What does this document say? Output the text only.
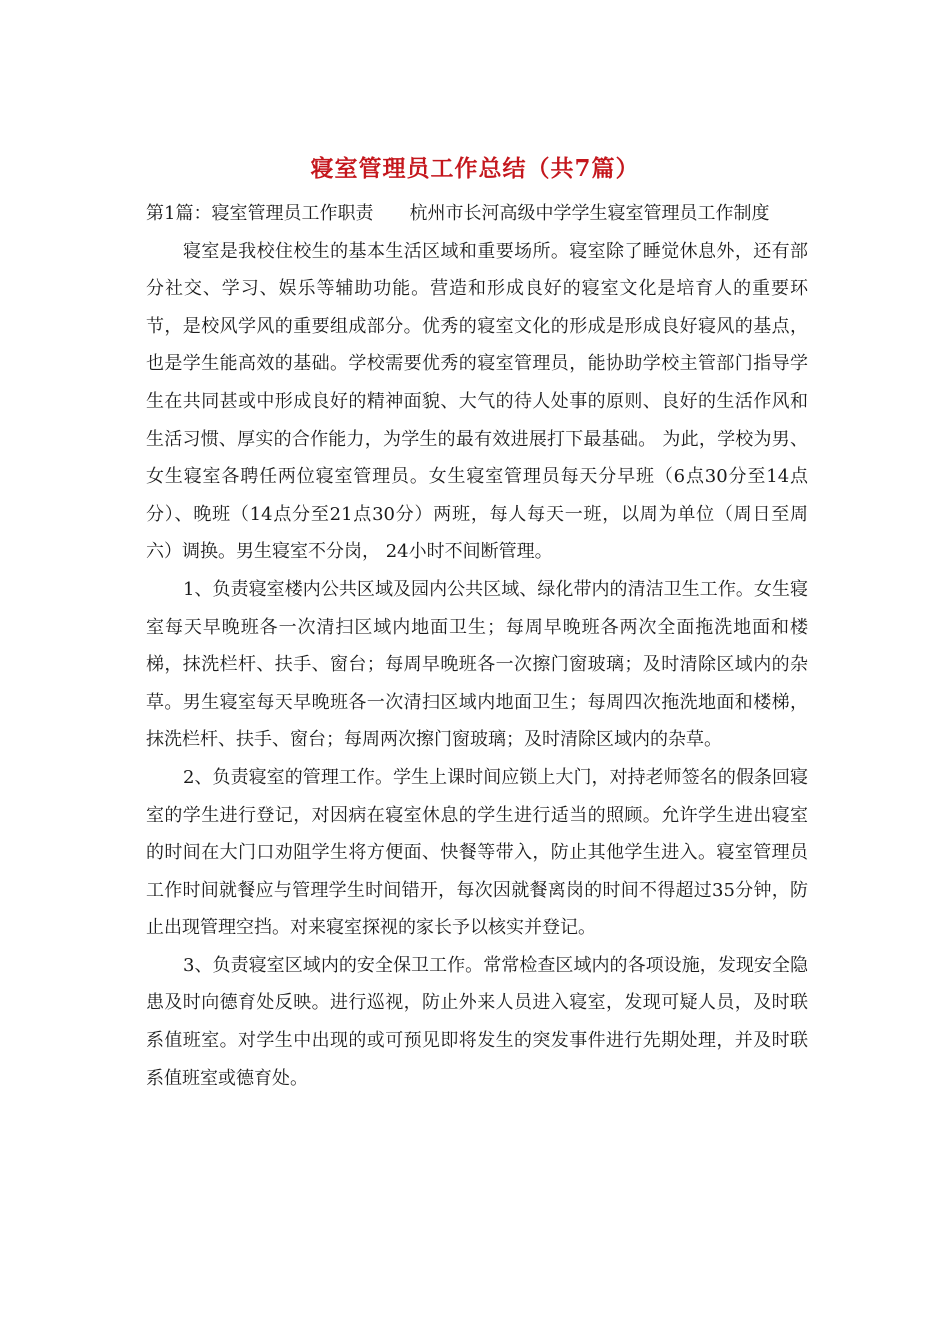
寝室管理员工作总结（共7篇）

第1篇：寝室管理员工作职责 杭州市长河高级中学学生寝室管理员工作制度

寝室是我校住校生的基本生活区域和重要场所。寝室除了睡觉休息外，还有部分社交、学习、娱乐等辅助功能。营造和形成良好的寝室文化是培育人的重要环节，是校风学风的重要组成部分。优秀的寝室文化的形成是形成良好寝风的基点，也是学生能高效的基础。学校需要优秀的寝室管理员，能协助学校主管部门指导学生在共同甚或中形成良好的精神面貌、大气的待人处事的原则、良好的生活作风和生活习惯、厚实的合作能力，为学生的最有效进展打下最基础。 为此，学校为男、女生寝室各聘任两位寝室管理员。女生寝室管理员每天分早班（6点30分至14点分）、晚班（14点分至21点30分）两班，每人每天一班，以周为单位（周日至周六）调换。男生寝室不分岗， 24小时不间断管理。

1、负责寝室楼内公共区域及园内公共区域、绿化带内的清洁卫生工作。女生寝室每天早晚班各一次清扫区域内地面卫生；每周早晚班各两次全面拖洗地面和楼梯，抹洗栏杆、扶手、窗台；每周早晚班各一次擦门窗玻璃；及时清除区域内的杂草。男生寝室每天早晚班各一次清扫区域内地面卫生；每周四次拖洗地面和楼梯，抹洗栏杆、扶手、窗台；每周两次擦门窗玻璃；及时清除区域内的杂草。

2、负责寝室的管理工作。学生上课时间应锁上大门，对持老师签名的假条回寝室的学生进行登记，对因病在寝室休息的学生进行适当的照顾。允许学生进出寝室的时间在大门口劝阻学生将方便面、快餐等带入，防止其他学生进入。寝室管理员工作时间就餐应与管理学生时间错开，每次因就餐离岗的时间不得超过35分钟，防止出现管理空挡。对来寝室探视的家长予以核实并登记。

3、负责寝室区域内的安全保卫工作。常常检查区域内的各项设施，发现安全隐患及时向德育处反映。进行巡视，防止外来人员进入寝室，发现可疑人员，及时联系值班室。对学生中出现的或可预见即将发生的突发事件进行先期处理，并及时联系值班室或德育处。
